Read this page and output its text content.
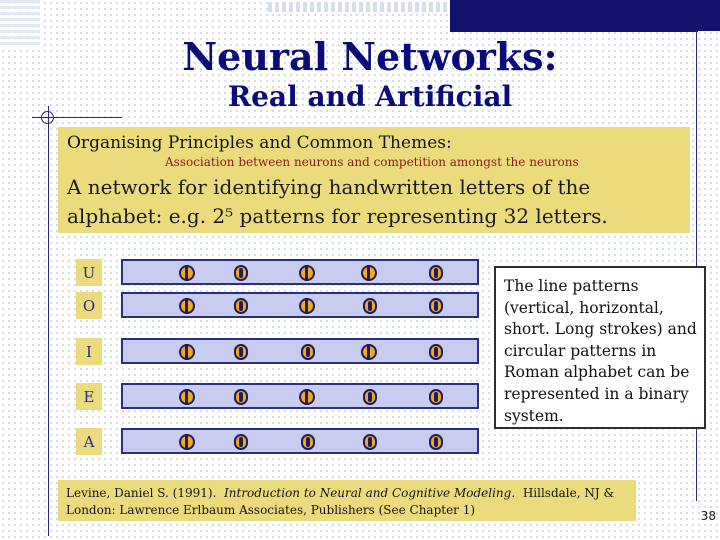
Neural Networks:
Real and Artificial
Organising Principles and Common Themes:
Association between neurons and competition amongst the neurons
A network for identifying handwritten letters of the
alphabet: e.g. 2⁵ patterns for representing 32 letters.
U
O
I
E
A
The line patterns (vertical, horizontal, short. Long strokes) and circular patterns in Roman alphabet can be represented in a binary system.
Levine, Daniel S. (1991). Introduction to Neural and Cognitive Modeling. Hillsdale, NJ &
London: Lawrence Erlbaum Associates, Publishers (See Chapter 1)	38
